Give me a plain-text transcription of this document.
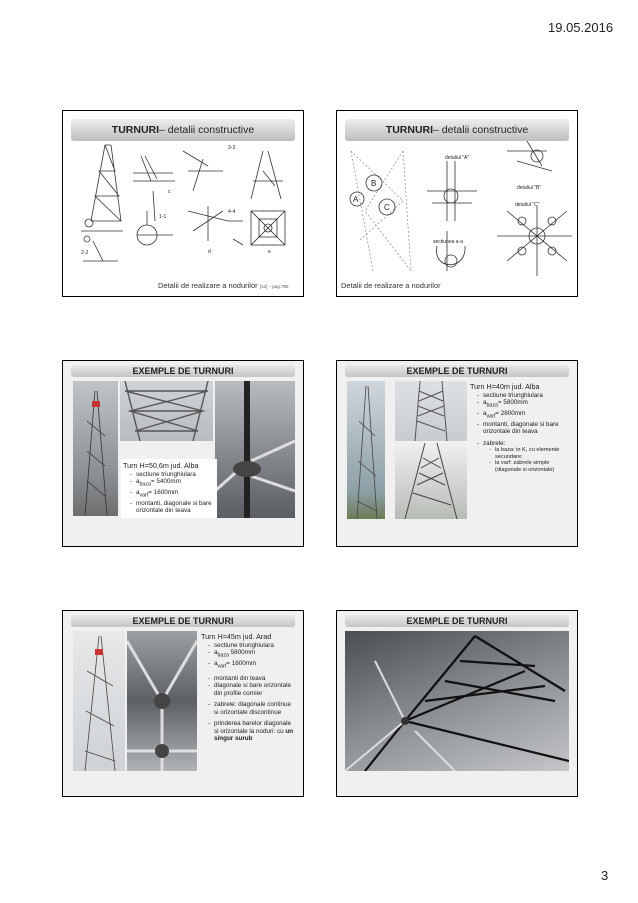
19.05.2016
3
TURNURI– detalii constructive
3-3
1-1
4-4
2-2
c
d	e
Detalii de realizare a nodurilor [12] – pag.795
TURNURI– detalii constructive
detaliul "A"
detaliul "B"
detaliul "C"
sectiunea a-a
A
B
C
Detalii de realizare a nodurilor
EXEMPLE DE TURNURI
Turn H=50,6m jud. Alba
- sectiune triunghiulara
- $a_{baza}= 5400mm$
- $a_{varf}= 1600mm$
- montanti, diagonale si bare orizontale din teava
EXEMPLE DE TURNURI
Turn H=40m jud. Alba
- sectiune triunghiulara
- $a_{baza}= 5800mm$
- $a_{varf}= 2800mm$
- montanti, diagonale si bare orizontale din teava
- zabrele:
- la baza: in K, cu elemente secundare;
- la varf: zabrele simple (diagonale si orizontale)
EXEMPLE DE TURNURI
Turn H=45m jud. Arad
- sectiune triunghiulara
- $a_{baza}$ 5800mm
- $a_{varf}= 1600mm$
- montanti din teava
- diagonale si bare orizontale din profile cornier
- zabrele: diagonale continue si orizontale discontinue
- prinderea barelor diagonale si orizontale la noduri: cu un singur surub
EXEMPLE DE TURNURI
